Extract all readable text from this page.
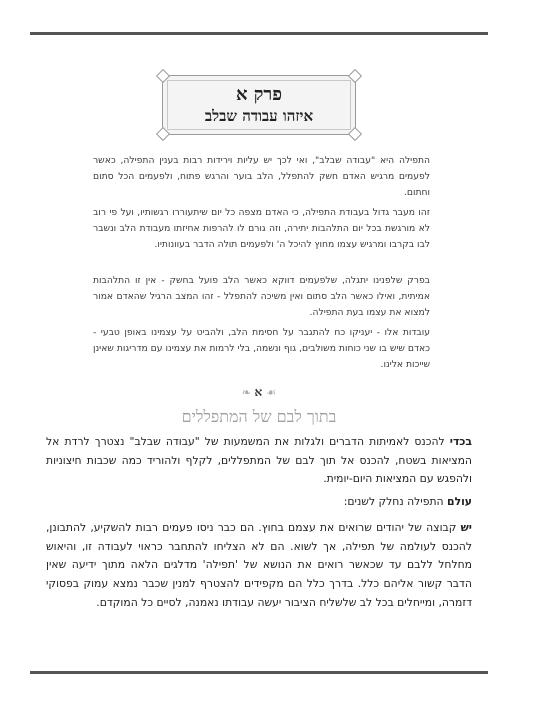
פרק א
איזהו עבודה שבלב
התפילה היא "עבודה שבלב", ואי לכך יש עליות וירידות רבות בענין התפילה, כאשר לפעמים מרגיש האדם חשק להתפלל, הלב בוער והרגש פתוח, ולפעמים הכל סתום וחתום.
זהו מעבר גדול בעבודת התפילה, כי האדם מצפה כל יום שיתעוררו רגשותיו, ועל פי רוב לא מורגשת בכל יום התלהבות יתירה, וזה גורם לו להרפות אחיזתו מעבודת הלב ונשבר לבו בקרבו ומרגיש עצמו מחוץ להיכל ה' ולפעמים תולה הדבר בעוונותיו.
בפרק שלפנינו יתגלה, שלפעמים דווקא כאשר הלב פועל בחשק - אין זו התלהבות אמיתית, ואילו כאשר הלב סתום ואין משיכה להתפלל - זהו המצב הרגיל שהאדם אמור למצוא את עצמו בעת התפילה.
עובדות אלו - יעניקו כח להתגבר על חסימת הלב, ולהביט על עצמינו באופן טבעי - כאדם שיש בו שני כוחות משולבים, גוף ונשמה, בלי לרמות את עצמינו עם מדריגות שאינן שייכות אלינו.
❧ א ☙
בתוך לבם של המתפללים
בכדי להכנס לאמיתות הדברים ולגלות את המשמעות של "עבודה שבלב" נצטרך לרדת אל המציאות בשטח, להכנס אל תוך לבם של המתפללים, לקלף ולהוריד כמה שכבות חיצוניות ולהפגש עם המציאות היום-יומית.
עולם התפילה נחלק לשנים:
יש קבוצה של יהודים שרואים את עצמם בחוץ. הם כבר ניסו פעמים רבות להשקיע, להתבונן, להכנס לעולמה של תפילה, אך לשוא. הם לא הצליחו להתחבר כראוי לעבודה זו, והיאוש מחלחל ללבם עד שכאשר רואים את הנושא של 'תפילה' מדלגים הלאה מתוך ידיעה שאין הדבר קשור אליהם כלל. בדרך כלל הם מקפידים להצטרף למנין שכבר נמצא עמוק בפסוקי דזמרה, ומייחלים בכל לב שלשליח הציבור יעשה עבודתו נאמנה, לסיים כל המוקדם.
